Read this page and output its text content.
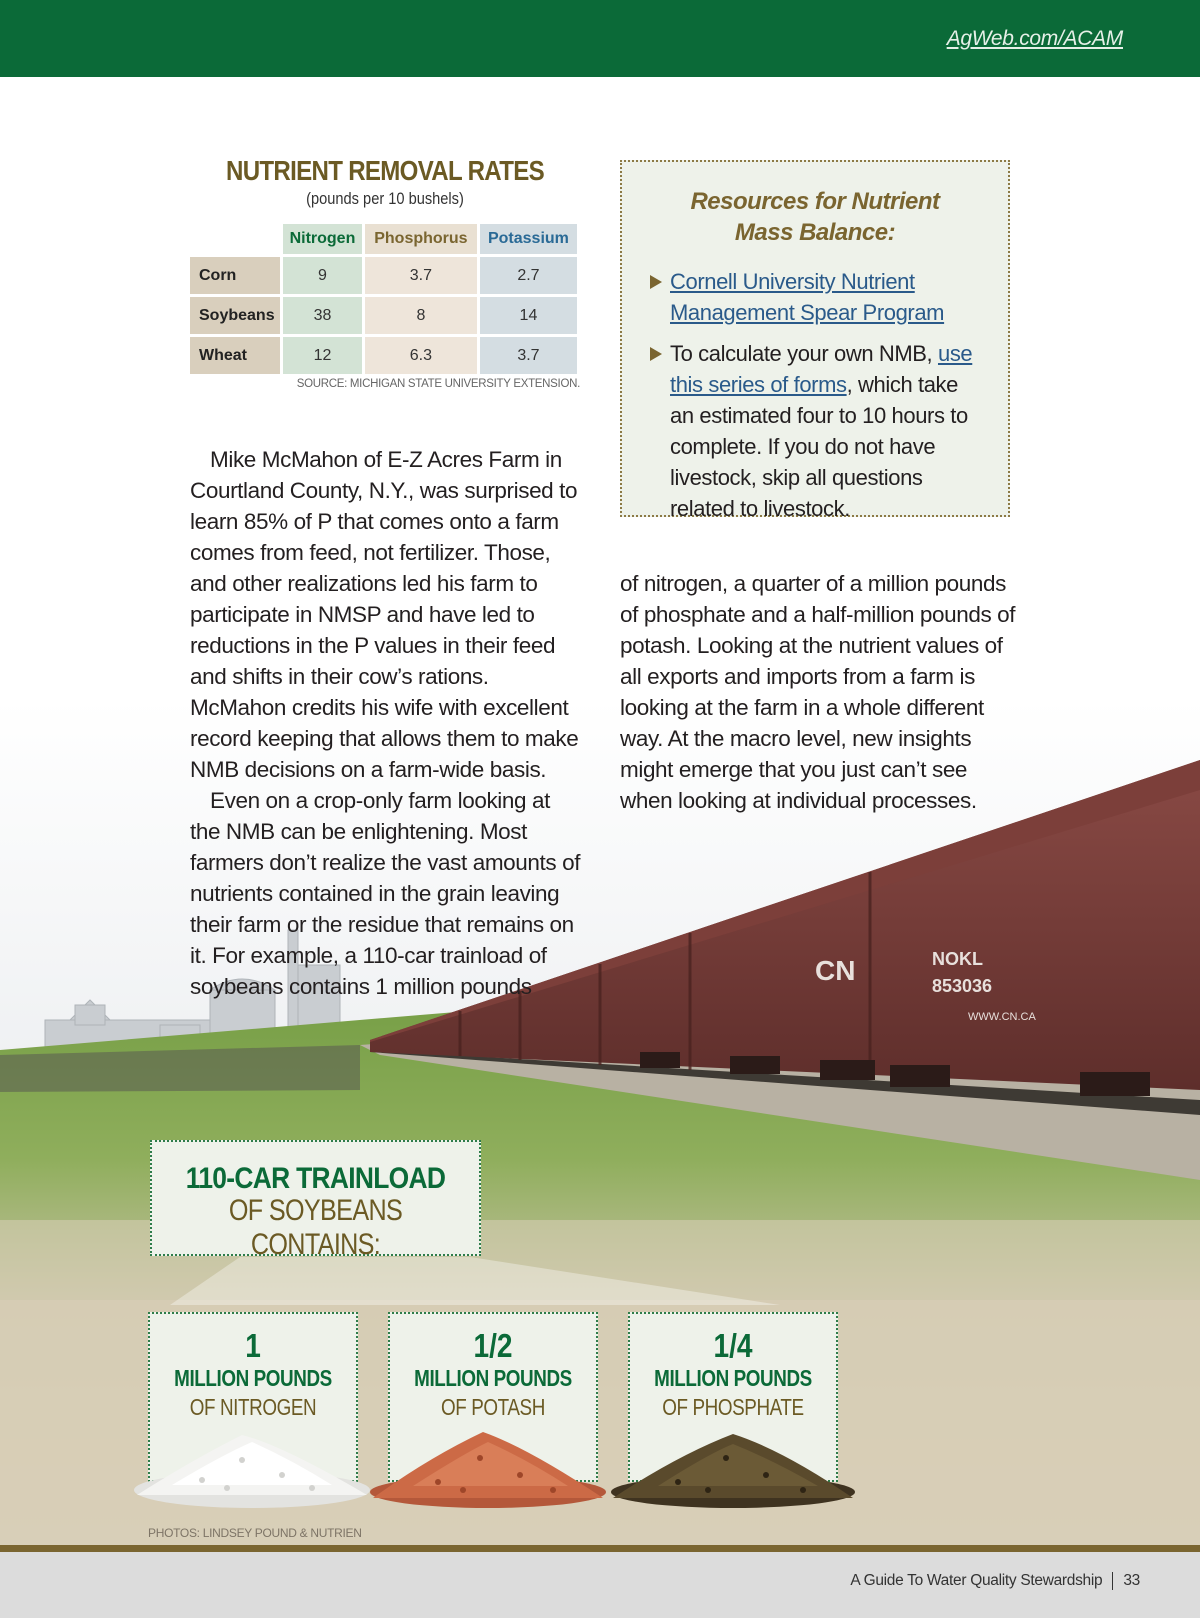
AgWeb.com/ACAM
CN	NOKL
853036
WWW.CN.CA
NUTRIENT REMOVAL RATES
(pounds per 10 bushels)
	Nitrogen	Phosphorus	Potassium
Corn	9	3.7	2.7
Soybeans	38	8	14
Wheat	12	6.3	3.7
SOURCE: MICHIGAN STATE UNIVERSITY EXTENSION.
Resources for Nutrient
Mass Balance:
Cornell University Nutrient Management Spear Program
To calculate your own NMB, use this series of forms, which take an estimated four to 10 hours to complete. If you do not have livestock, skip all questions related to livestock.

Mike McMahon of E-Z Acres Farm in Courtland County, N.Y., was surprised to learn 85% of P that comes onto a farm comes from feed, not fertilizer. Those, and other realizations led his farm to participate in NMSP and have led to reductions in the P values in their feed and shifts in their cow’s rations. McMahon credits his wife with excellent record keeping that allows them to make NMB decisions on a farm-wide basis.

Even on a crop-only farm looking at the NMB can be enlightening. Most farmers don’t realize the vast amounts of nutrients contained in the grain leaving their farm or the residue that remains on it. For example, a 110-car trainload of soybeans contains 1 million pounds

of nitrogen, a quarter of a million pounds of phosphate and a half-million pounds of potash. Looking at the nutrient values of all exports and imports from a farm is looking at the farm in a whole different way. At the macro level, new insights might emerge that you just can’t see when looking at individual processes.

110-CAR TRAINLOAD
OF SOYBEANS CONTAINS:
1
MILLION POUNDS
OF NITROGEN
1/2
MILLION POUNDS
OF POTASH
1/4
MILLION POUNDS
OF PHOSPHATE
PHOTOS: LINDSEY POUND & NUTRIEN
A Guide To Water Quality Stewardship 33
